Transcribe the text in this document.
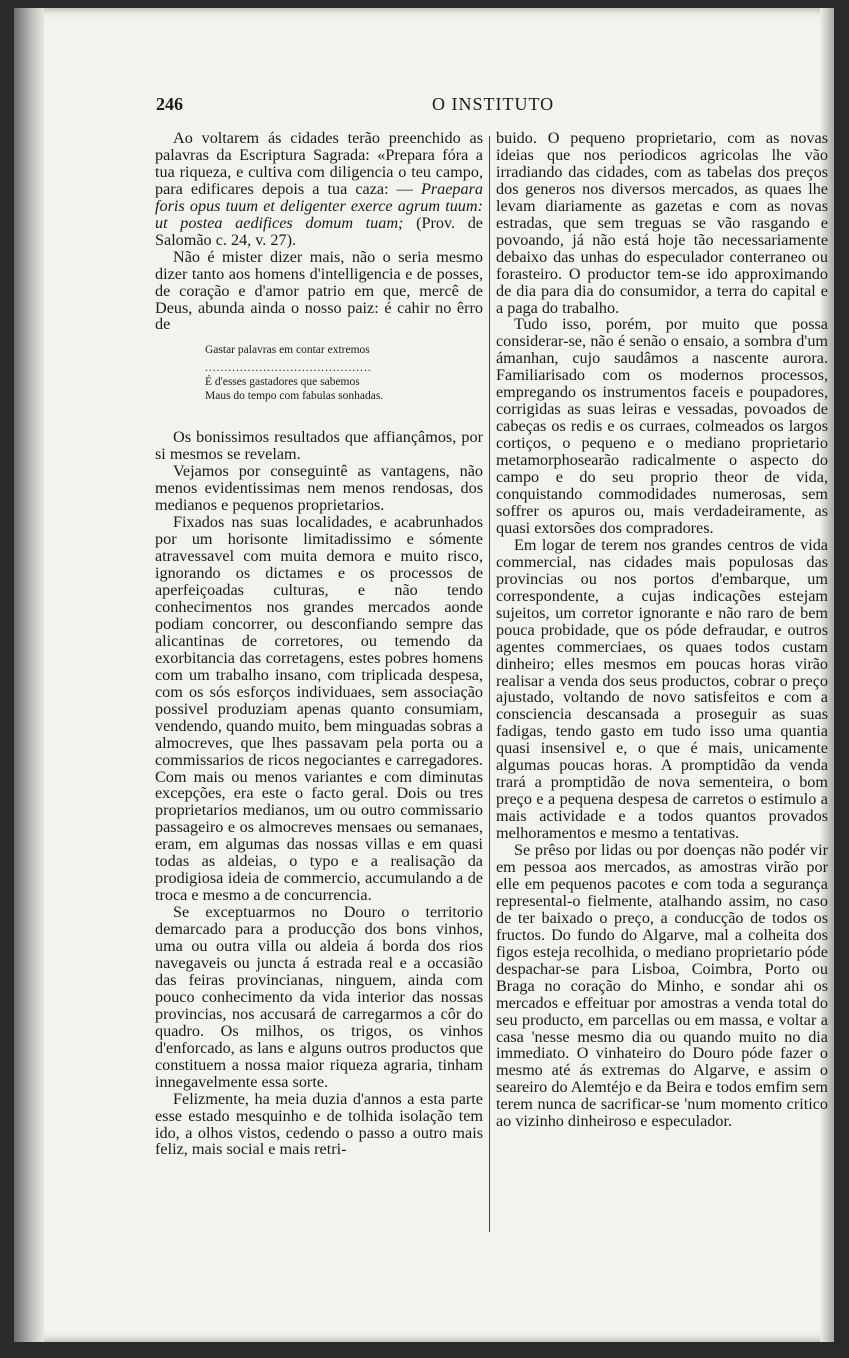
246	O INSTITUTO

Ao voltarem ás cidades terão preenchido as palavras da Escriptura Sagrada: «Prepara fóra a tua riqueza, e cultiva com diligencia o teu campo, para edificares depois a tua caza: — Praepara foris opus tuum et deligenter exerce agrum tuum: ut postea aedifices domum tuam; (Prov. de Salomão c. 24, v. 27).

Não é mister dizer mais, não o seria mesmo dizer tanto aos homens d'intelligencia e de posses, de coração e d'amor patrio em que, mercê de Deus, abunda ainda o nosso paiz: é cahir no êrro de

Gastar palavras em contar extremos
...........................................
É d'esses gastadores que sabemos
Maus do tempo com fabulas sonhadas.

Os bonissimos resultados que affiançâmos, por si mesmos se revelam.

Vejamos por conseguintê as vantagens, não menos evidentissimas nem menos rendosas, dos medianos e pequenos proprietarios.

Fixados nas suas localidades, e acabrunhados por um horisonte limitadissimo e sómente atravessavel com muita demora e muito risco, ignorando os dictames e os processos de aperfeiçoadas culturas, e não tendo conhecimentos nos grandes mercados aonde podiam concorrer, ou desconfiando sempre das alicantinas de corretores, ou temendo da exorbitancia das corretagens, estes pobres homens com um trabalho insano, com triplicada despesa, com os sós esforços individuaes, sem associação possivel produziam apenas quanto consumiam, vendendo, quando muito, bem minguadas sobras a almocreves, que lhes passavam pela porta ou a commissarios de ricos negociantes e carregadores. Com mais ou menos variantes e com diminutas excepções, era este o facto geral. Dois ou tres proprietarios medianos, um ou outro commissario passageiro e os almocreves mensaes ou semanaes, eram, em algumas das nossas villas e em quasi todas as aldeias, o typo e a realisação da prodigiosa ideia de commercio, accumulando a de troca e mesmo a de concurrencia.

Se exceptuarmos no Douro o territorio demarcado para a producção dos bons vinhos, uma ou outra villa ou aldeia á borda dos rios navegaveis ou juncta á estrada real e a occasião das feiras provincianas, ninguem, ainda com pouco conhecimento da vida interior das nossas provincias, nos accusará de carregarmos a côr do quadro. Os milhos, os trigos, os vinhos d'enforcado, as lans e alguns outros productos que constituem a nossa maior riqueza agraria, tinham innegavelmente essa sorte.

Felizmente, ha meia duzia d'annos a esta parte esse estado mesquinho e de tolhida isolação tem ido, a olhos vistos, cedendo o passo a outro mais feliz, mais social e mais retri-

buido. O pequeno proprietario, com as novas ideias que nos periodicos agricolas lhe vão irradiando das cidades, com as tabelas dos preços dos generos nos diversos mercados, as quaes lhe levam diariamente as gazetas e com as novas estradas, que sem treguas se vão rasgando e povoando, já não está hoje tão necessariamente debaixo das unhas do especulador conterraneo ou forasteiro. O productor tem-se ido approximando de dia para dia do consumidor, a terra do capital e a paga do trabalho.

Tudo isso, porém, por muito que possa considerar-se, não é senão o ensaio, a sombra d'um ámanhan, cujo saudâmos a nascente aurora. Familiarisado com os modernos processos, empregando os instrumentos faceis e poupadores, corrigidas as suas leiras e vessadas, povoados de cabeças os redis e os curraes, colmeados os largos cortiços, o pequeno e o mediano proprietario metamorphosearão radicalmente o aspecto do campo e do seu proprio theor de vida, conquistando commodidades numerosas, sem soffrer os apuros ou, mais verdadeiramente, as quasi extorsões dos compradores.

Em logar de terem nos grandes centros de vida commercial, nas cidades mais populosas das provincias ou nos portos d'embarque, um correspondente, a cujas indicações estejam sujeitos, um corretor ignorante e não raro de bem pouca probidade, que os póde defraudar, e outros agentes commerciaes, os quaes todos custam dinheiro; elles mesmos em poucas horas virão realisar a venda dos seus productos, cobrar o preço ajustado, voltando de novo satisfeitos e com a consciencia descansada a proseguir as suas fadigas, tendo gasto em tudo isso uma quantia quasi insensivel e, o que é mais, unicamente algumas poucas horas. A promptidão da venda trará a promptidão de nova sementeira, o bom preço e a pequena despesa de carretos o estimulo a mais actividade e a todos quantos provados melhoramentos e mesmo a tentativas.

Se prêso por lidas ou por doenças não podér vir em pessoa aos mercados, as amostras virão por elle em pequenos pacotes e com toda a segurança represental-o fielmente, atalhando assim, no caso de ter baixado o preço, a conducção de todos os fructos. Do fundo do Algarve, mal a colheita dos figos esteja recolhida, o mediano proprietario póde despachar-se para Lisboa, Coimbra, Porto ou Braga no coração do Minho, e sondar ahi os mercados e effeituar por amostras a venda total do seu producto, em parcellas ou em massa, e voltar a casa 'nesse mesmo dia ou quando muito no dia immediato. O vinhateiro do Douro póde fazer o mesmo até ás extremas do Algarve, e assim o seareiro do Alemtéjo e da Beira e todos emfim sem terem nunca de sacrificar-se 'num momento critico ao vizinho dinheiroso e especulador.
